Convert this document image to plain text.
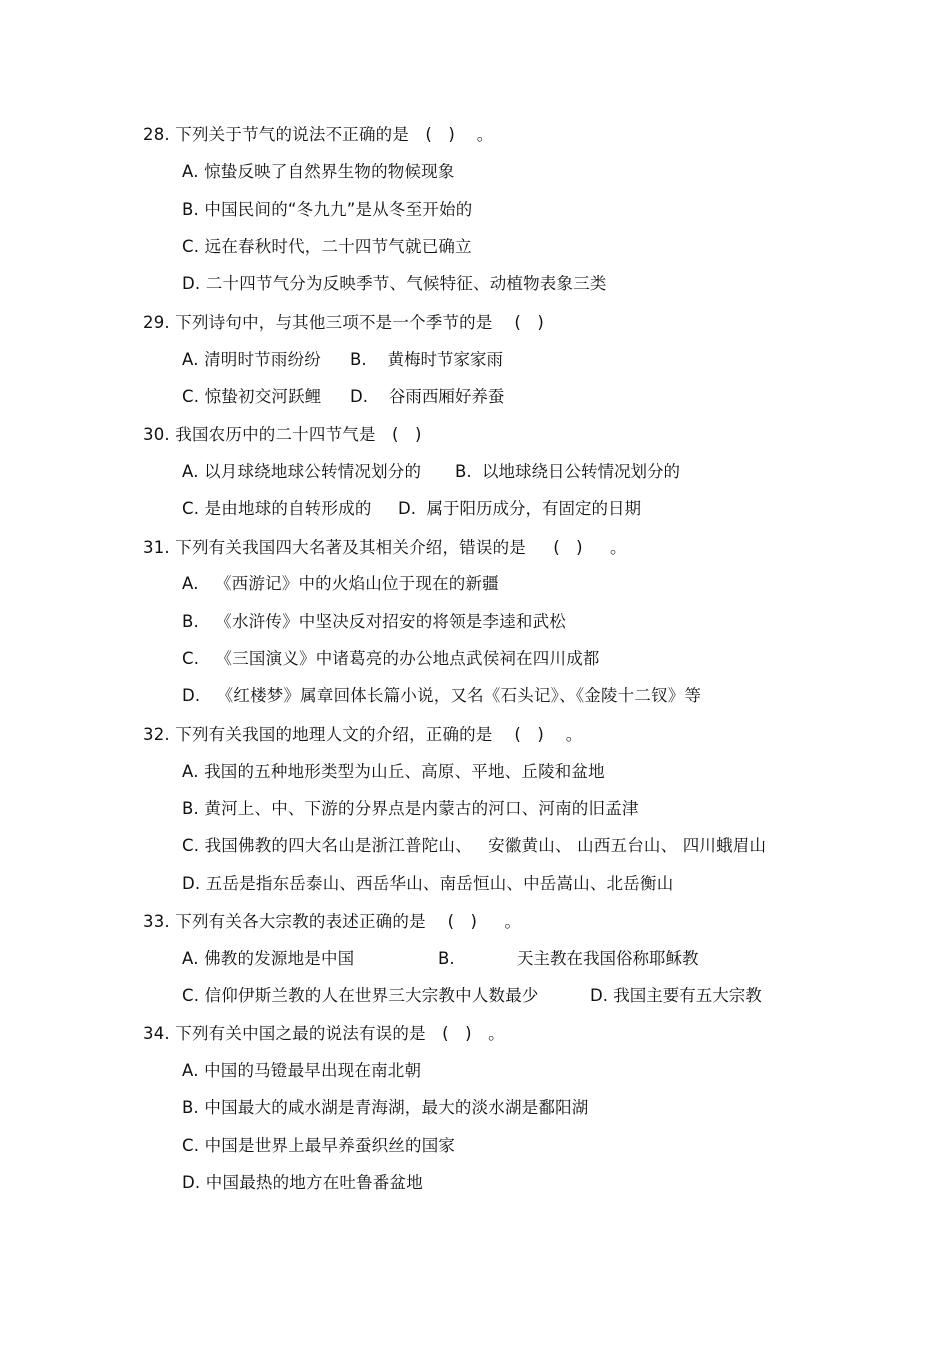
28. 下列关于节气的说法不正确的是   (   )    。
A. 惊蛰反映了自然界生物的物候现象
B. 中国民间的“冬九九”是从冬至开始的
C. 远在春秋时代，二十四节气就已确立
D. 二十四节气分为反映季节、气候特征、动植物表象三类
29. 下列诗句中，与其他三项不是一个季节的是    (   )
A. 清明时节雨纷纷 B.    黄梅时节家家雨
C. 惊蛰初交河跃鲤 D.    谷雨西厢好养蚕
30. 我国农历中的二十四节气是   (   )
A. 以月球绕地球公转情况划分的 B.  以地球绕日公转情况划分的
C. 是由地球的自转形成的 D.  属于阳历成分，有固定的日期
31. 下列有关我国四大名著及其相关介绍，错误的是     (   )     。
A.   《西游记》中的火焰山位于现在的新疆
B.   《水浒传》中坚决反对招安的将领是李逵和武松
C.   《三国演义》中诸葛亮的办公地点武侯祠在四川成都
D.   《红楼梦》属章回体长篇小说，又名《石头记》、《金陵十二钗》等
32. 下列有关我国的地理人文的介绍，正确的是    (   )    。
A. 我国的五种地形类型为山丘、高原、平地、丘陵和盆地
B. 黄河上、中、下游的分界点是内蒙古的河口、河南的旧孟津
C. 我国佛教的四大名山是浙江普陀山、   安徽黄山、 山西五台山、 四川蛾眉山
D. 五岳是指东岳泰山、西岳华山、南岳恒山、中岳嵩山、北岳衡山
33. 下列有关各大宗教的表述正确的是    (   )     。
A. 佛教的发源地是中国	B.	天主教在我国俗称耶稣教
C. 信仰伊斯兰教的人在世界三大宗教中人数最少	D. 我国主要有五大宗教
34. 下列有关中国之最的说法有误的是   (   )   。
A. 中国的马镫最早出现在南北朝
B. 中国最大的咸水湖是青海湖，最大的淡水湖是鄱阳湖
C. 中国是世界上最早养蚕织丝的国家
D. 中国最热的地方在吐鲁番盆地
